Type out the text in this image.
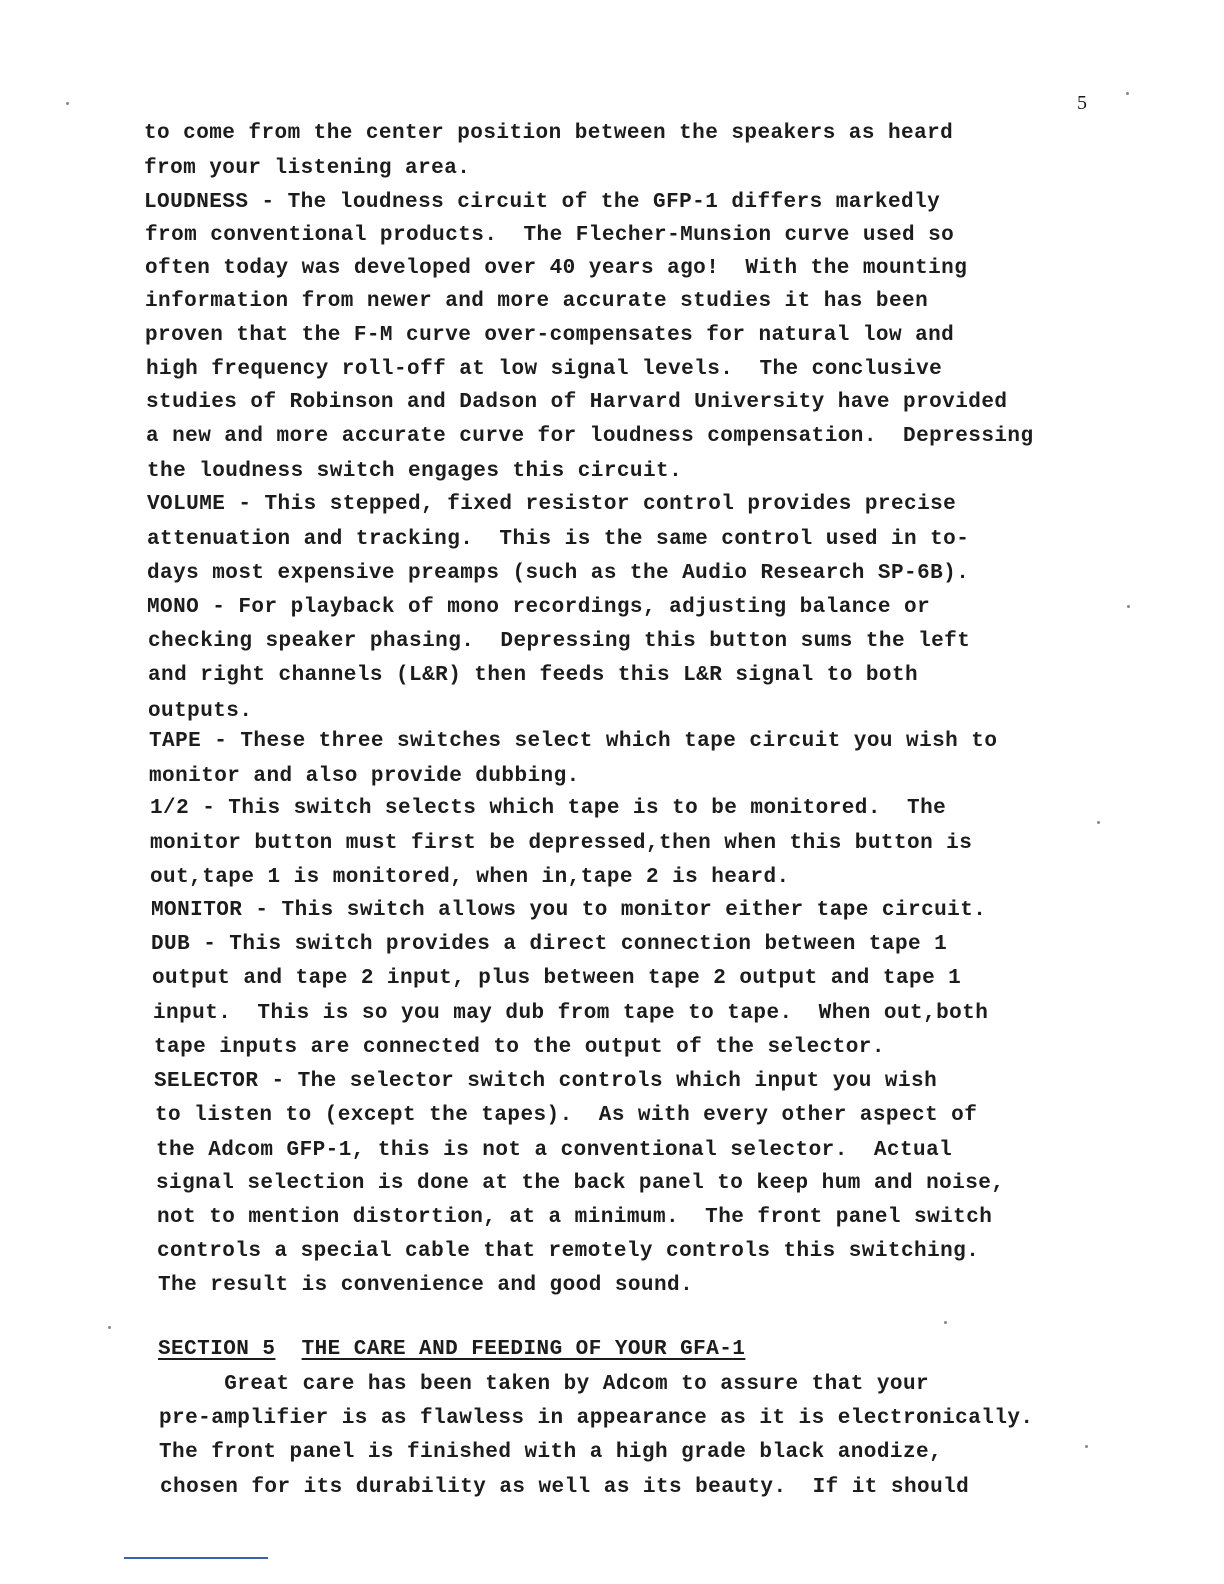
5
to come from the center position between the speakers as heard
from your listening area.
LOUDNESS - The loudness circuit of the GFP-1 differs markedly
from conventional products.  The Flecher-Munsion curve used so
often today was developed over 40 years ago!  With the mounting
information from newer and more accurate studies it has been
proven that the F-M curve over-compensates for natural low and
high frequency roll-off at low signal levels.  The conclusive
studies of Robinson and Dadson of Harvard University have provided
a new and more accurate curve for loudness compensation.  Depressing
the loudness switch engages this circuit.
VOLUME - This stepped, fixed resistor control provides precise
attenuation and tracking.  This is the same control used in to-
days most expensive preamps (such as the Audio Research SP-6B).
MONO - For playback of mono recordings, adjusting balance or
checking speaker phasing.  Depressing this button sums the left
and right channels (L&R) then feeds this L&R signal to both
outputs.
TAPE - These three switches select which tape circuit you wish to
monitor and also provide dubbing.
1/2 - This switch selects which tape is to be monitored.  The
monitor button must first be depressed,then when this button is
out,tape 1 is monitored, when in,tape 2 is heard.
MONITOR - This switch allows you to monitor either tape circuit.
DUB - This switch provides a direct connection between tape 1
output and tape 2 input, plus between tape 2 output and tape 1
input.  This is so you may dub from tape to tape.  When out,both
tape inputs are connected to the output of the selector.
SELECTOR - The selector switch controls which input you wish
to listen to (except the tapes).  As with every other aspect of
the Adcom GFP-1, this is not a conventional selector.  Actual
signal selection is done at the back panel to keep hum and noise,
not to mention distortion, at a minimum.  The front panel switch
controls a special cable that remotely controls this switching.
The result is convenience and good sound.
SECTION 5 THE CARE AND FEEDING OF YOUR GFA-1
Great care has been taken by Adcom to assure that your
pre-amplifier is as flawless in appearance as it is electronically.
The front panel is finished with a high grade black anodize,
chosen for its durability as well as its beauty.  If it should
